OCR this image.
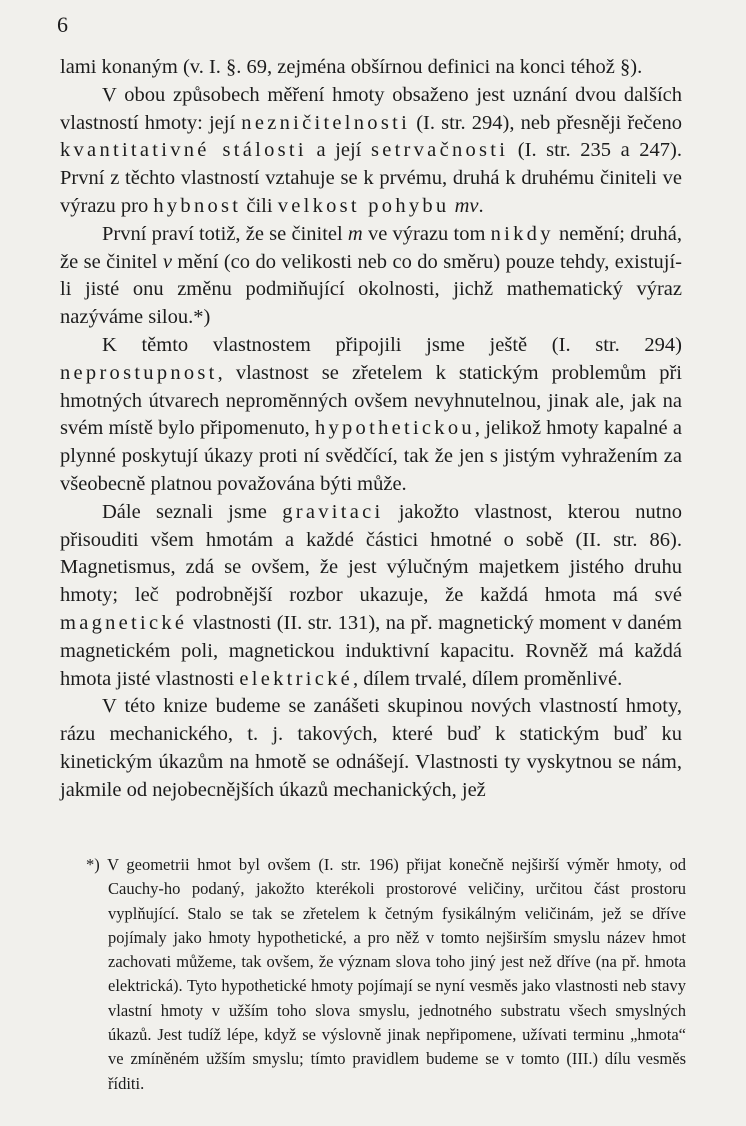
6

lami konaným (v. I. §. 69, zejména obšírnou definici na konci téhož §).

V obou způsobech měření hmoty obsaženo jest uznání dvou dalších vlastností hmoty: její nezničitelnosti (I. str. 294), neb přesněji řečeno kvantitativné stálosti a její setrvačnosti (I. str. 235 a 247). První z těchto vlastností vztahuje se k prvému, druhá k druhému činiteli ve výrazu pro hybnost čili velkost pohybu mv.

První praví totiž, že se činitel m ve výrazu tom nikdy nemění; druhá, že se činitel v mění (co do velikosti neb co do směru) pouze tehdy, existují-li jisté onu změnu podmiňující okolnosti, jichž mathematický výraz nazýváme silou.*)

K těmto vlastnostem připojili jsme ještě (I. str. 294) neprostupnost, vlastnost se zřetelem k statickým problemům při hmotných útvarech nepromĕnných ovšem nevyhnutelnou, jinak ale, jak na svém místě bylo připomenuto, hypothetickou, jelikož hmoty kapalné a plynné poskytují úkazy proti ní svědčící, tak že jen s jistým vyhražením za všeobecně platnou považována býti může.

Dále seznali jsme gravitaci jakožto vlastnost, kterou nutno přisouditi všem hmotám a každé částici hmotné o sobě (II. str. 86). Magnetismus, zdá se ovšem, že jest výlučným majetkem jistého druhu hmoty; leč podrobnější rozbor ukazuje, že každá hmota má své magnetické vlastnosti (II. str. 131), na př. magnetický moment v daném magnetickém poli, magnetickou induktivní kapacitu. Rovněž má každá hmota jisté vlastnosti elektrické, dílem trvalé, dílem proměnlivé.

V této knize budeme se zanášeti skupinou nových vlastností hmoty, rázu mechanického, t. j. takových, které buď k statickým buď ku kinetickým úkazům na hmotě se odnášejí. Vlastnosti ty vyskytnou se nám, jakmile od nejobecnějších úkazů mechanických, jež

*) V geometrii hmot byl ovšem (I. str. 196) přijat konečně nejširší výměr hmoty, od Cauchy-ho podaný, jakožto kterékoli prostorové veličiny, určitou část prostoru vyplňující. Stalo se tak se zřetelem k četným fysikálným veličinám, jež se dříve pojímaly jako hmoty hypothetické, a pro něž v tomto nejširším smyslu název hmot zachovati můžeme, tak ovšem, že význam slova toho jiný jest než dříve (na př. hmota elektrická). Tyto hypothetické hmoty pojímají se nyní vesměs jako vlastnosti neb stavy vlastní hmoty v užším toho slova smyslu, jednotného substratu všech smyslných úkazů. Jest tudíž lépe, když se výslovně jinak nepřipomene, užívati terminu „hmota“ ve zmíněném užším smyslu; tímto pravidlem budeme se v tomto (III.) dílu vesměs říditi.
